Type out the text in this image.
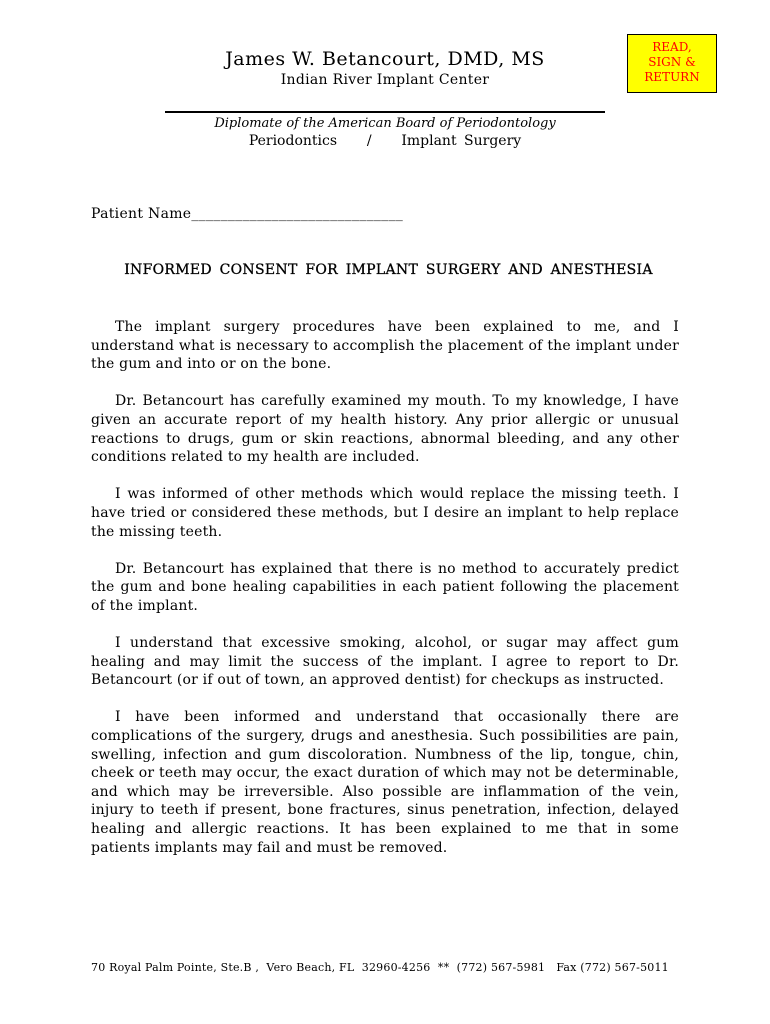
READ,
SIGN &
RETURN
James W. Betancourt, DMD, MS
Indian River Implant Center
Diplomate of the American Board of Periodontology
Periodontics    /    Implant Surgery
Patient Name_____________________________
INFORMED CONSENT FOR IMPLANT SURGERY AND ANESTHESIA

The implant surgery procedures have been explained to me, and I understand what is necessary to accomplish the placement of the implant under the gum and into or on the bone.

Dr. Betancourt has carefully examined my mouth. To my knowledge, I have given an accurate report of my health history. Any prior allergic or unusual reactions to drugs, gum or skin reactions, abnormal bleeding, and any other conditions related to my health are included.

I was informed of other methods which would replace the missing teeth. I have tried or considered these methods, but I desire an implant to help replace the missing teeth.

Dr. Betancourt has explained that there is no method to accurately predict the gum and bone healing capabilities in each patient following the placement of the implant.

I understand that excessive smoking, alcohol, or sugar may affect gum healing and may limit the success of the implant. I agree to report to Dr. Betancourt (or if out of town, an approved dentist) for checkups as instructed.

I have been informed and understand that occasionally there are complications of the surgery, drugs and anesthesia. Such possibilities are pain, swelling, infection and gum discoloration. Numbness of the lip, tongue, chin, cheek or teeth may occur, the exact duration of which may not be determinable, and which may be irreversible. Also possible are inflammation of the vein, injury to teeth if present, bone fractures, sinus penetration, infection, delayed healing and allergic reactions. It has been explained to me that in some patients implants may fail and must be removed.

70 Royal Palm Pointe, Ste.B ,  Vero Beach, FL  32960-4256  **  (772) 567-5981   Fax (772) 567-5011
